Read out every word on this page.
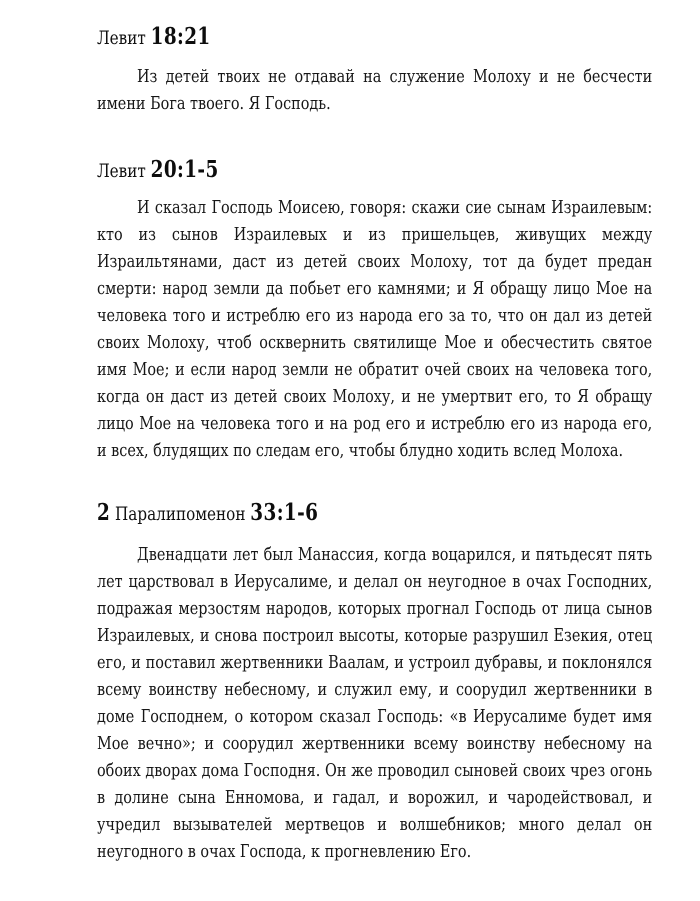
Левит 18:21

Из детей твоих не отдавай на служение Молоху и не бесчести имени Бога твоего. Я Господь.

Левит 20:1-5

И сказал Господь Моисею, говоря: скажи сие сынам Израилевым: кто из сынов Израилевых и из пришельцев, живущих между Израильтянами, даст из детей своих Молоху, тот да будет предан смерти: народ земли да побьет его камнями; и Я обращу лицо Мое на человека того и истреблю его из народа его за то, что он дал из детей своих Молоху, чтоб осквернить святилище Мое и обесчестить святое имя Мое; и если народ земли не обратит очей своих на человека того, когда он даст из детей своих Молоху, и не умертвит его, то Я обращу лицо Мое на человека того и на род его и истреблю его из народа его, и всех, блудящих по следам его, чтобы блудно ходить вслед Молоха.

2 Паралипоменон 33:1-6

Двенадцати лет был Манассия, когда воцарился, и пятьдесят пять лет царствовал в Иерусалиме, и делал он неугодное в очах Господних, подражая мерзостям народов, которых прогнал Господь от лица сынов Израилевых, и снова построил высоты, которые разрушил Езекия, отец его, и поставил жертвенники Ваалам, и устроил дубравы, и поклонялся всему воинству небесному, и служил ему, и соорудил жертвенники в доме Господнем, о котором сказал Господь: «в Иерусалиме будет имя Мое вечно»; и соорудил жертвенники всему воинству небесному на обоих дворах дома Господня. Он же проводил сыновей своих чрез огонь в долине сына Енномова, и гадал, и ворожил, и чародействовал, и учредил вызывателей мертвецов и волшебников; много делал он неугодного в очах Господа, к прогневлению Его.
